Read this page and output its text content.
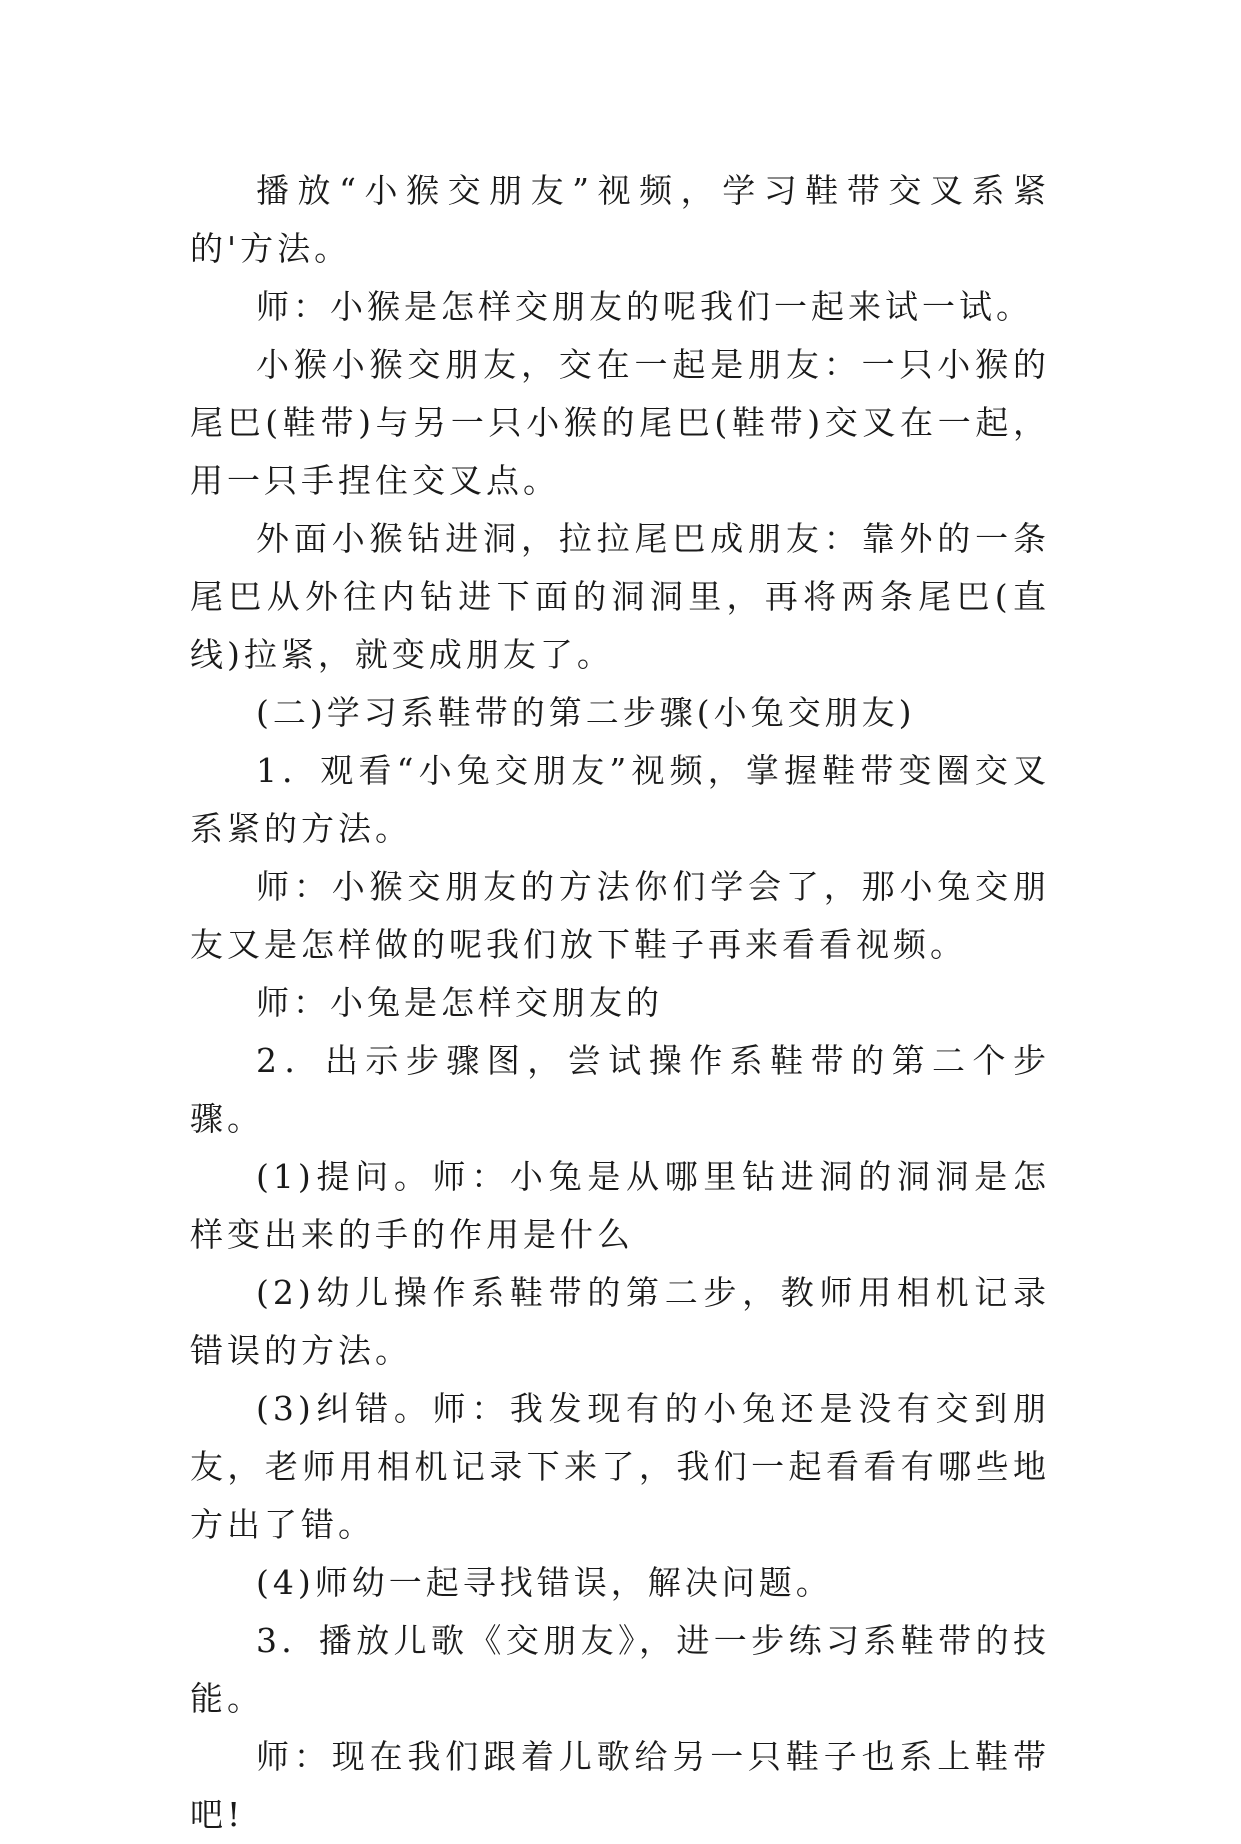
播放“小猴交朋友”视频，学习鞋带交叉系紧的'方法。

师：小猴是怎样交朋友的呢我们一起来试一试。

小猴小猴交朋友，交在一起是朋友：一只小猴的尾巴(鞋带)与另一只小猴的尾巴(鞋带)交叉在一起，用一只手捏住交叉点。

外面小猴钻进洞，拉拉尾巴成朋友：靠外的一条尾巴从外往内钻进下面的洞洞里，再将两条尾巴(直线)拉紧，就变成朋友了。

(二)学习系鞋带的第二步骤(小兔交朋友)

1．观看“小兔交朋友”视频，掌握鞋带变圈交叉系紧的方法。

师：小猴交朋友的方法你们学会了，那小兔交朋友又是怎样做的呢我们放下鞋子再来看看视频。

师：小兔是怎样交朋友的

2．出示步骤图，尝试操作系鞋带的第二个步骤。

(1)提问。师：小兔是从哪里钻进洞的洞洞是怎样变出来的手的作用是什么

(2)幼儿操作系鞋带的第二步，教师用相机记录错误的方法。

(3)纠错。师：我发现有的小兔还是没有交到朋友，老师用相机记录下来了，我们一起看看有哪些地方出了错。

(4)师幼一起寻找错误，解决问题。

3．播放儿歌《交朋友》，进一步练习系鞋带的技能。

师：现在我们跟着儿歌给另一只鞋子也系上鞋带吧!
